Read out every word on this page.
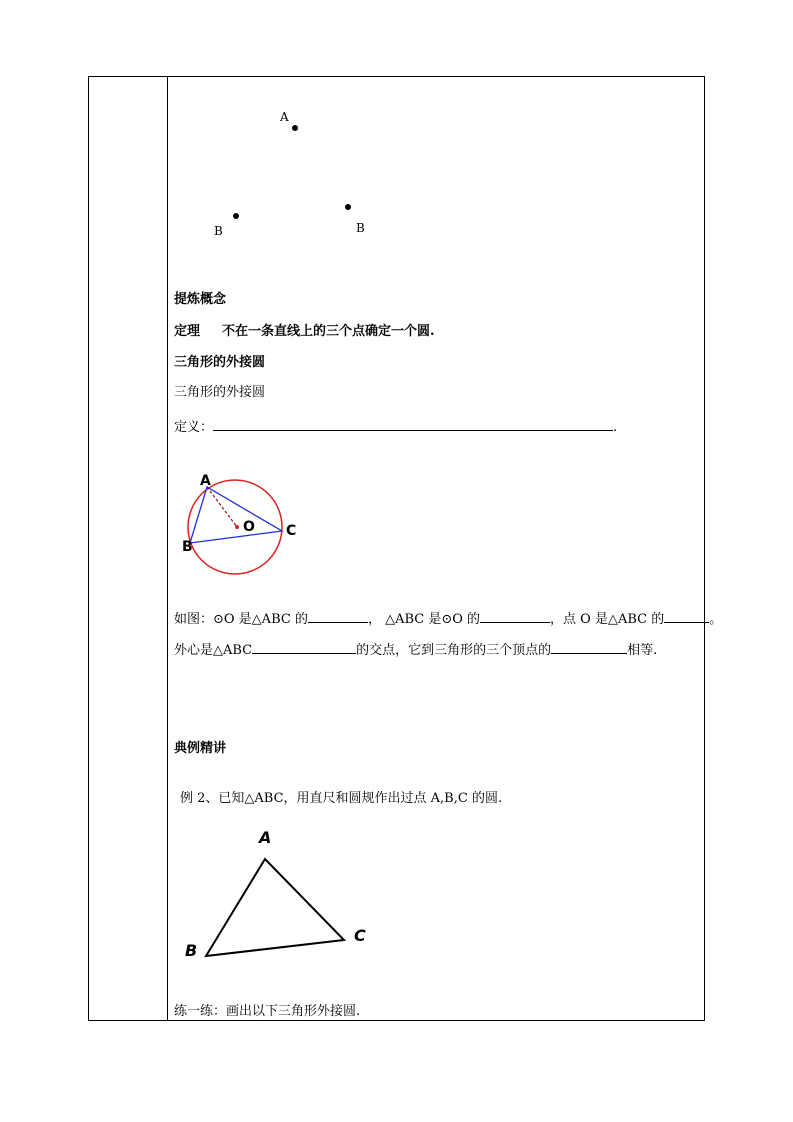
A
B	B
提炼概念
定理 不在一条直线上的三个点确定一个圆.
三角形的外接圆
三角形的外接圆
定义：	.
A
B
C
O
如图：⊙O 是△ABC 的	， △ABC 是⊙O 的	，点 O 是△ABC 的	。
外心是△ABC	的交点，它到三角形的三个顶点的	相等.
典例精讲
例 2、已知△ABC，用直尺和圆规作出过点 A,B,C 的圆.
A
B
C
练一练：画出以下三角形外接圆.
